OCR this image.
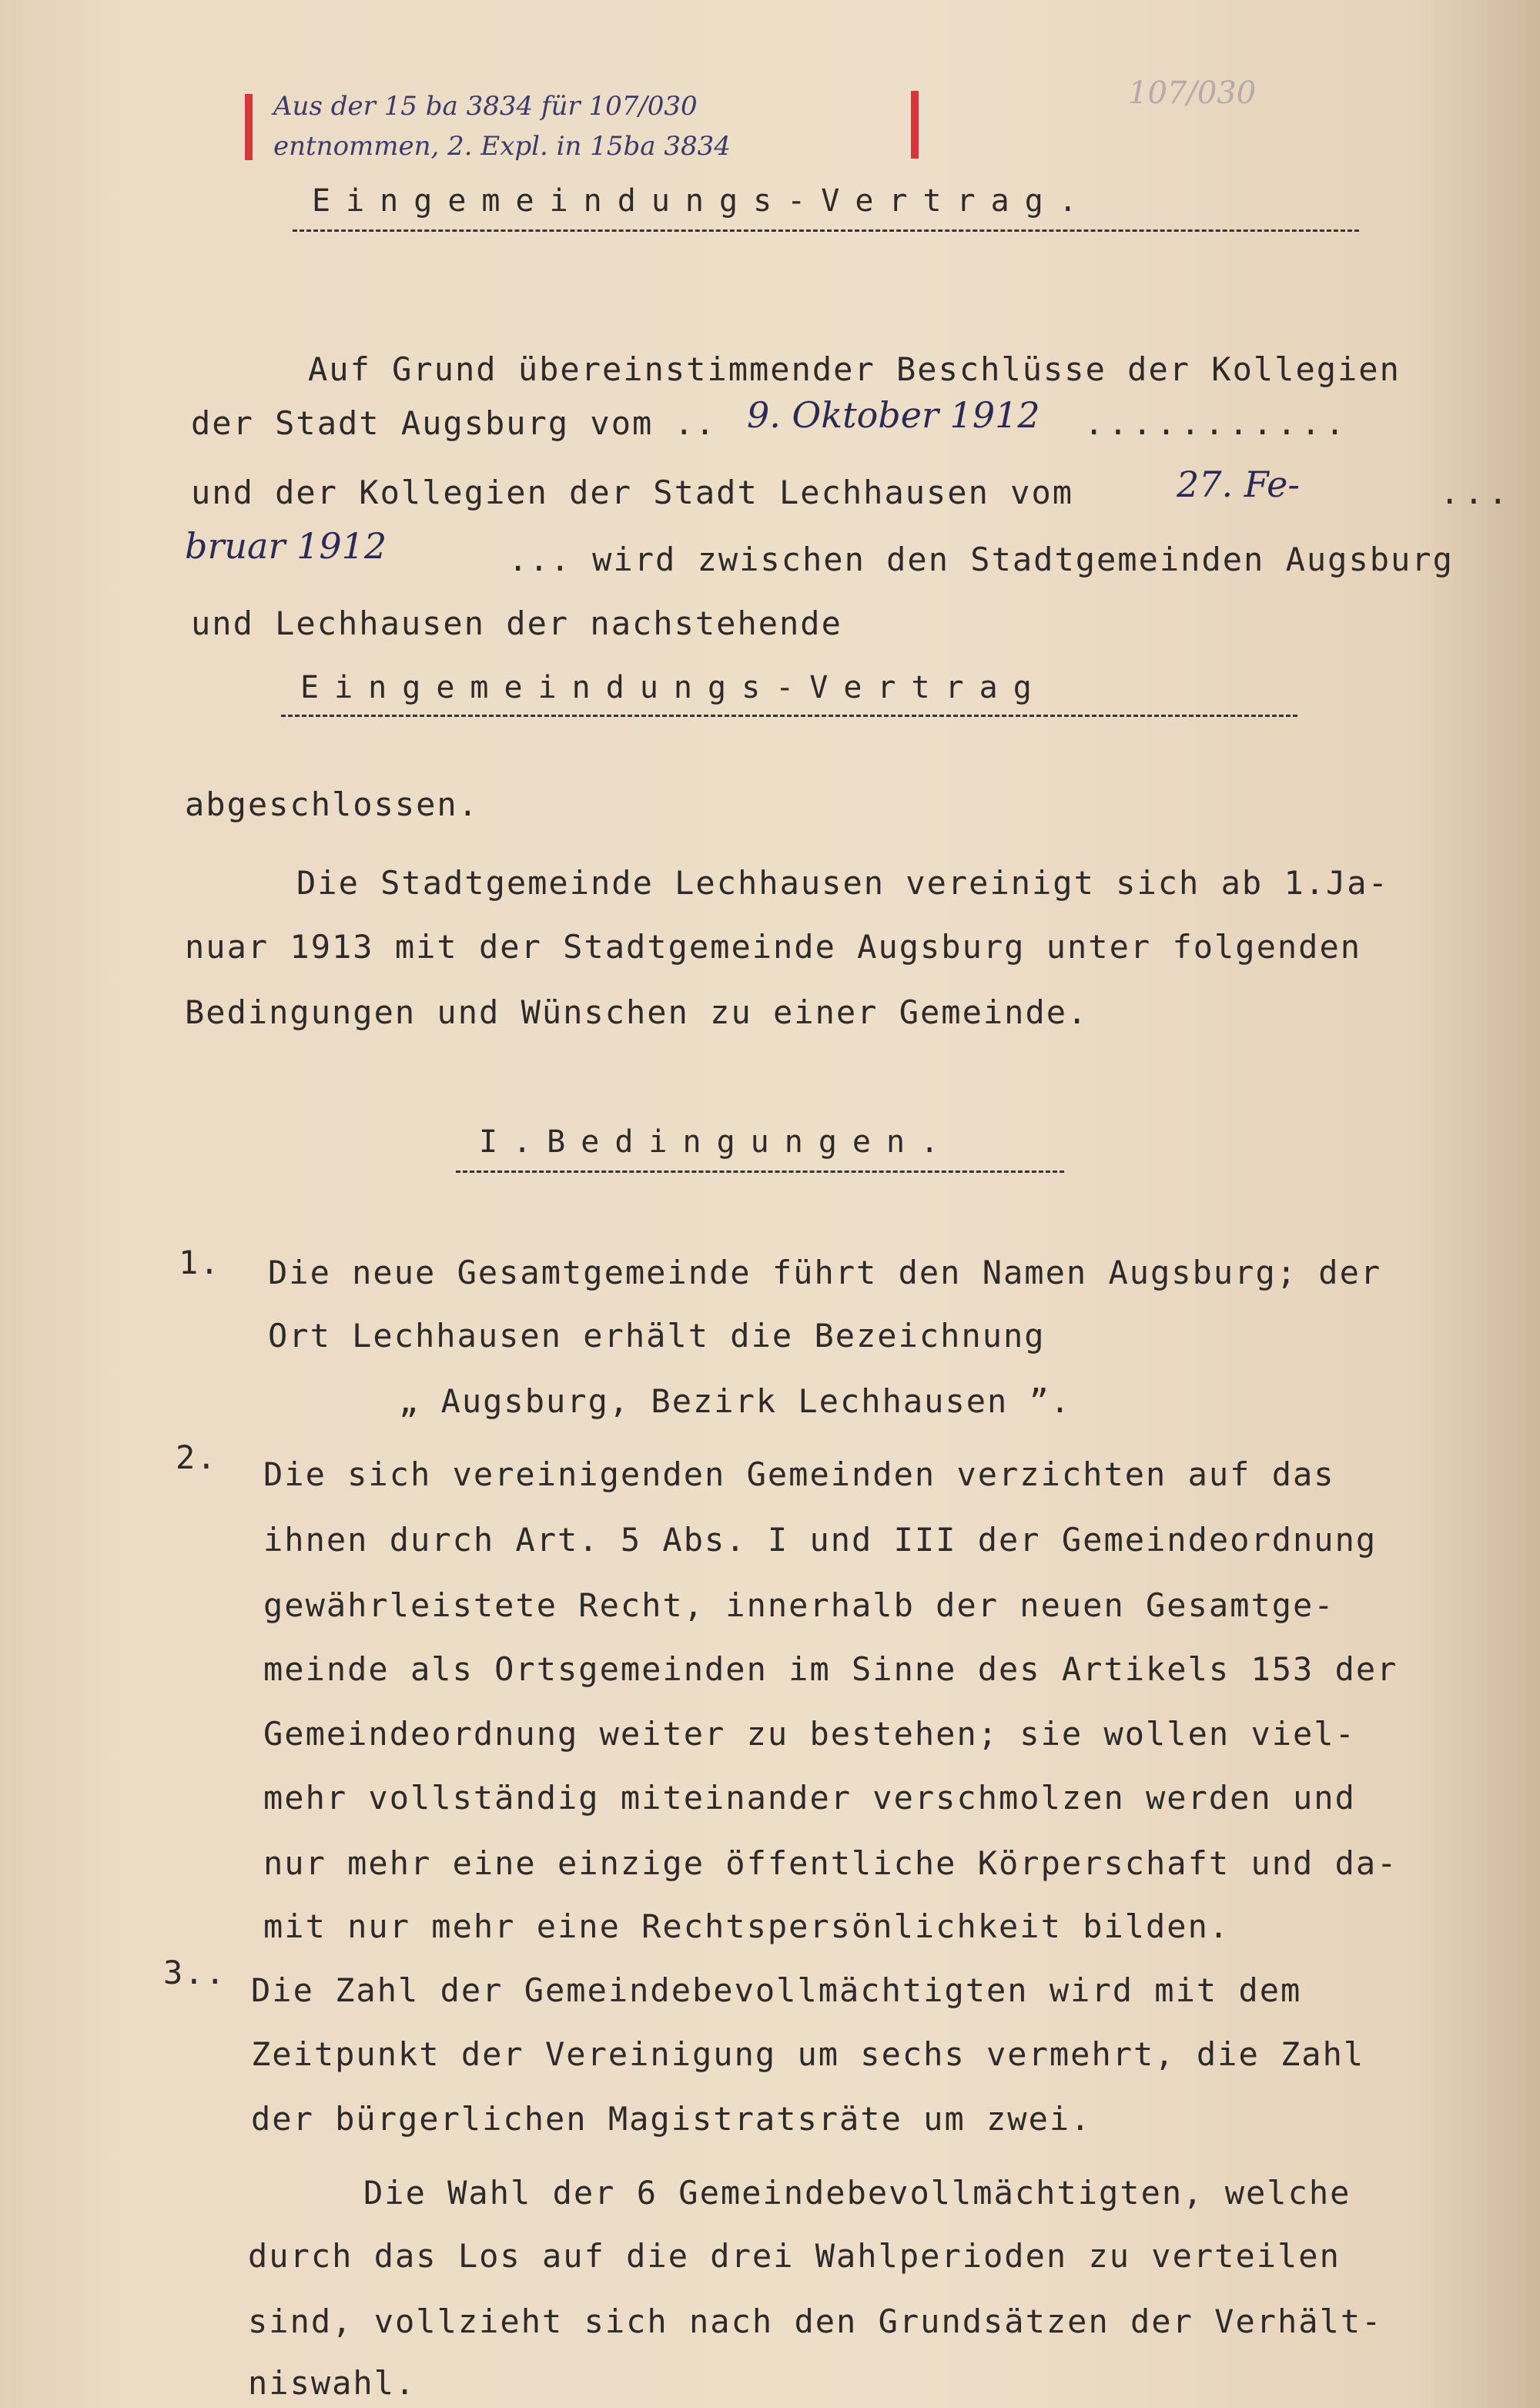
Aus der 15 ba 3834 für 107/030
entnommen, 2. Expl. in 15ba 3834
107/030
Eingemeindungs-Vertrag.
Auf Grund übereinstimmender Beschlüsse der Kollegien
der Stadt Augsburg vom .. 9. Oktober 1912 ...........
und der Kollegien der Stadt Lechhausen vom	27. Fe-	...
bruar 1912	... wird zwischen den Stadtgemeinden Augsburg
und Lechhausen der nachstehende
Eingemeindungs-Vertrag
abgeschlossen.
Die Stadtgemeinde Lechhausen vereinigt sich ab 1.Ja-
nuar 1913 mit der Stadtgemeinde Augsburg unter folgenden
Bedingungen und Wünschen zu einer Gemeinde.
I.Bedingungen.
1. Die neue Gesamtgemeinde führt den Namen Augsburg; der
Ort Lechhausen erhält die Bezeichnung
„ Augsburg, Bezirk Lechhausen ”.
2. Die sich vereinigenden Gemeinden verzichten auf das
ihnen durch Art. 5 Abs. I und III der Gemeindeordnung
gewährleistete Recht, innerhalb der neuen Gesamtge-
meinde als Ortsgemeinden im Sinne des Artikels 153 der
Gemeindeordnung weiter zu bestehen; sie wollen viel-
mehr vollständig miteinander verschmolzen werden und
nur mehr eine einzige öffentliche Körperschaft und da-
mit nur mehr eine Rechtspersönlichkeit bilden.
3.. Die Zahl der Gemeindebevollmächtigten wird mit dem
Zeitpunkt der Vereinigung um sechs vermehrt, die Zahl
der bürgerlichen Magistratsräte um zwei.
Die Wahl der 6 Gemeindebevollmächtigten, welche
durch das Los auf die drei Wahlperioden zu verteilen
sind, vollzieht sich nach den Grundsätzen der Verhält-
niswahl.
